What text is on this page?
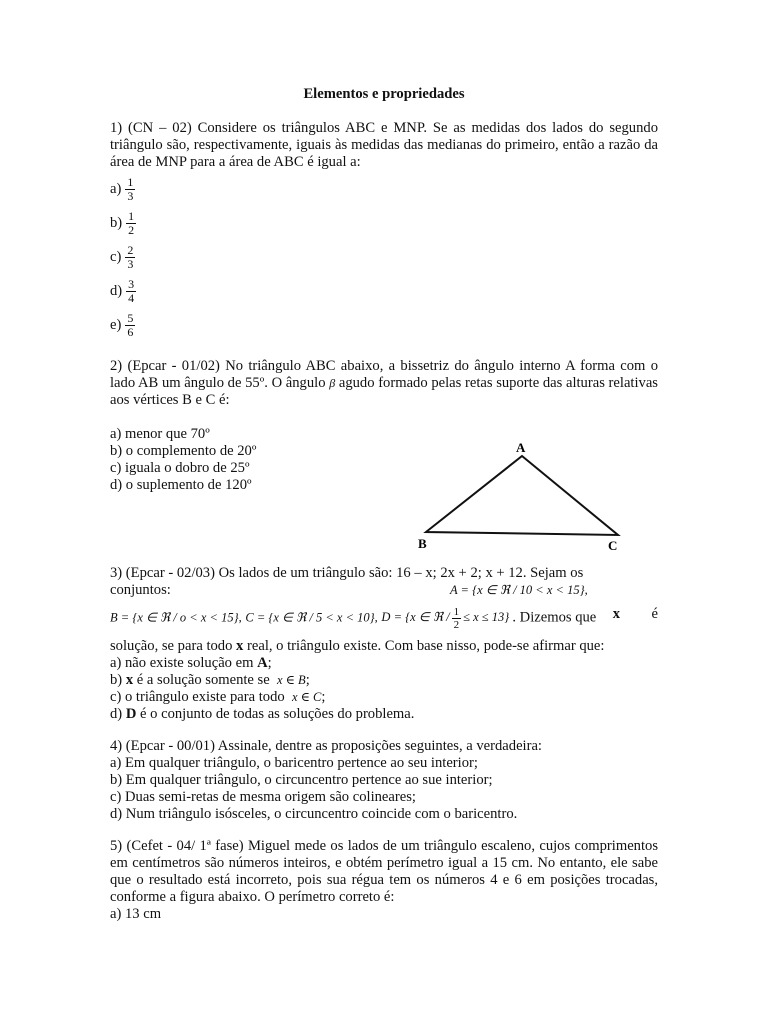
Elementos e propriedades
1) (CN – 02) Considere os triângulos ABC e MNP. Se as medidas dos lados do segundo triângulo são, respectivamente, iguais às medidas das medianas do primeiro, então a razão da área de MNP para a área de ABC é igual a:
$a) \frac{1}{3}$
$b) \frac{1}{2}$
$c) \frac{2}{3}$
$d) \frac{3}{4}$
$e) \frac{5}{6}$
2) (Epcar - 01/02) No triângulo ABC abaixo, a bissetriz do ângulo interno A forma com o lado AB um ângulo de 55º. O ângulo β agudo formado pelas retas suporte das alturas relativas aos vértices B e C é:
a) menor que 70º
b) o complemento de 20º
c) iguala o dobro de 25º
d) o suplemento de 120º
A
B	C
3) (Epcar - 02/03) Os lados de um triângulo são: 16 – x; 2x + 2; x + 12. Sejam os
conjuntos:	A = {x ∈ ℜ / 10 < x < 15},
B = {x ∈ ℜ / o < x < 15}, C = {x ∈ ℜ / 5 < x < 10}, D = {x ∈ ℜ / $\frac{1}{2} \le x \le 13$} . Dizemos que x é
solução, se para todo x real, o triângulo existe. Com base nisso, pode-se afirmar que:
a) não existe solução em A;
b) x é a solução somente se x ∈ B;
c) o triângulo existe para todo x ∈ C;
d) D é o conjunto de todas as soluções do problema.
4) (Epcar - 00/01) Assinale, dentre as proposições seguintes, a verdadeira:
a) Em qualquer triângulo, o baricentro pertence ao seu interior;
b) Em qualquer triângulo, o circuncentro pertence ao sue interior;
c) Duas semi-retas de mesma origem são colineares;
d) Num triângulo isósceles, o circuncentro coincide com o baricentro.
5) (Cefet - 04/ 1ª fase) Miguel mede os lados de um triângulo escaleno, cujos comprimentos em centímetros são números inteiros, e obtém perímetro igual a 15 cm. No entanto, ele sabe que o resultado está incorreto, pois sua régua tem os números 4 e 6 em posições trocadas, conforme a figura abaixo. O perímetro correto é:
a) 13 cm
